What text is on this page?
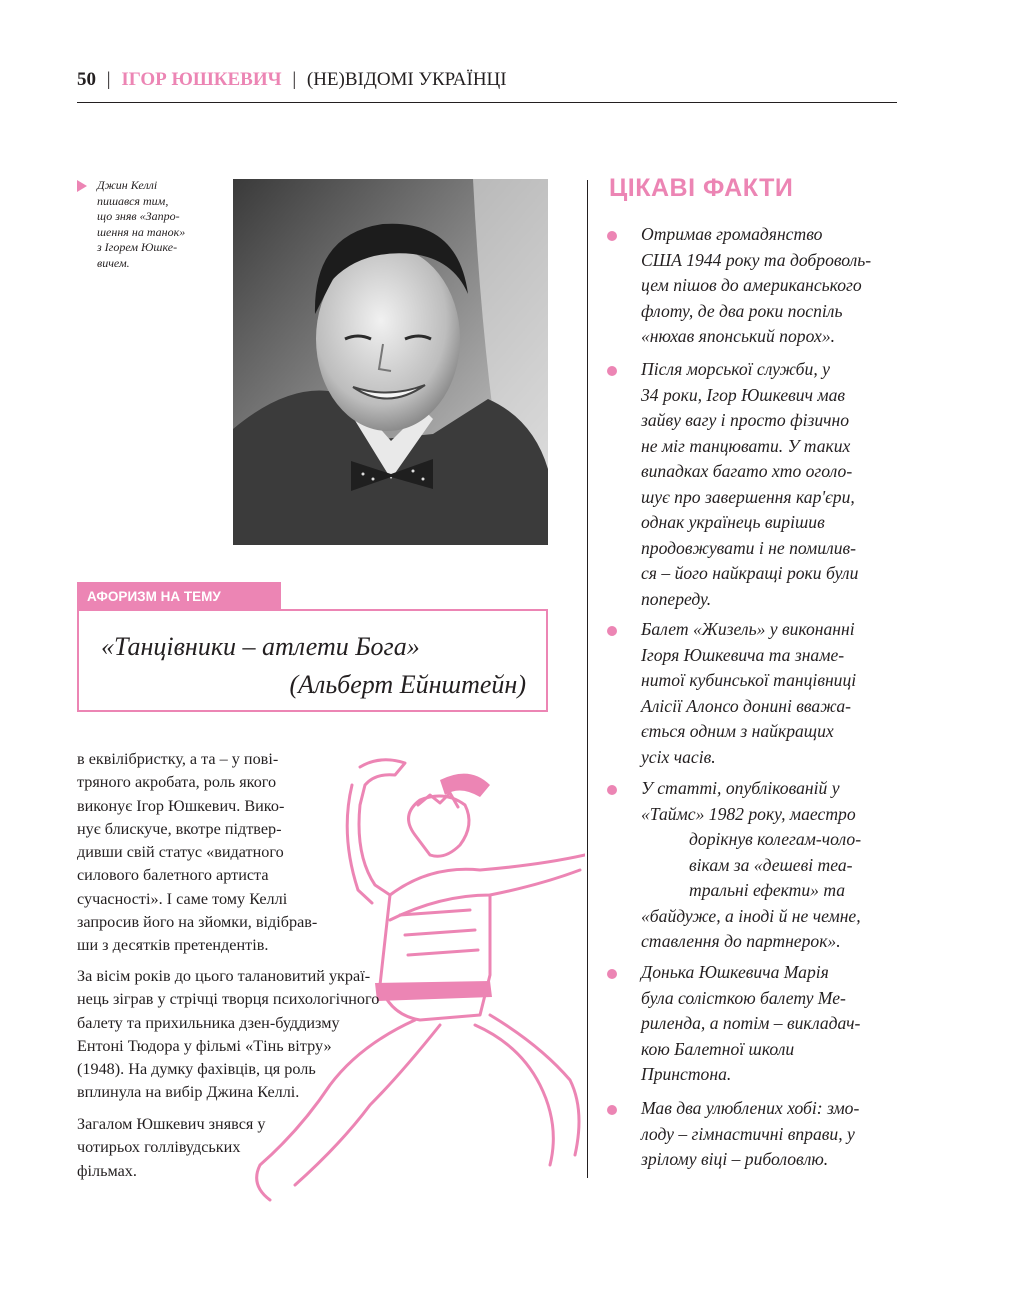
50 | ІГОР ЮШКЕВИЧ | (НЕ)ВІДОМІ УКРАЇНЦІ
Джин Келлі
пишався тим,
що зняв «Запро-
шення на танок»
з Ігорем Юшке-
вичем.
АФОРИЗМ НА ТЕМУ
«Танцівники – атлети Бога»
(Альберт Ейнштейн)
в еквілібристку, а та – у пові-
тряного акробата, роль якого
виконує Ігор Юшкевич. Вико-
нує блискуче, вкотре підтвер-
дивши свій статус «видатного
силового балетного артиста
сучасності». І саме тому Келлі
запросив його на зйомки, відібрав-
ши з десятків претендентів.
За вісім років до цього талановитий украї-
нець зіграв у стрічці творця психологічного
балету та прихильника дзен-буддизму
Ентоні Тюдора у фільмі «Тінь вітру»
(1948). На думку фахівців, ця роль
вплинула на вибір Джина Келлі.
Загалом Юшкевич знявся у
чотирьох голлівудських
фільмах.
ЦІКАВІ ФАКТИ
Отримав громадянство
США 1944 року та доброволь-
цем пішов до американського
флоту, де два роки поспіль
«нюхав японський порох».
Після морської служби, у
34 роки, Ігор Юшкевич мав
зайву вагу і просто фізично
не міг танцювати. У таких
випадках багато хто оголо-
шує про завершення кар'єри,
однак українець вирішив
продовжувати і не помилив-
ся – його найкращі роки були
попереду.
Балет «Жизель» у виконанні
Ігоря Юшкевича та знаме-
нитої кубинської танцівниці
Алісії Алонсо донині вважа-
ється одним з найкращих
усіх часів.
У статті, опублікованій у
«Таймс» 1982 року, маестро
дорікнув колегам-чоло-
вікам за «дешеві теа-
тральні ефекти» та
«байдуже, а іноді й не чемне,
ставлення до партнерок».
Донька Юшкевича Марія
була солісткою балету Ме-
риленда, а потім – викладач-
кою Балетної школи
Принстона.
Мав два улюблених хобі: змо-
лоду – гімнастичні вправи, у
зрілому віці – риболовлю.
